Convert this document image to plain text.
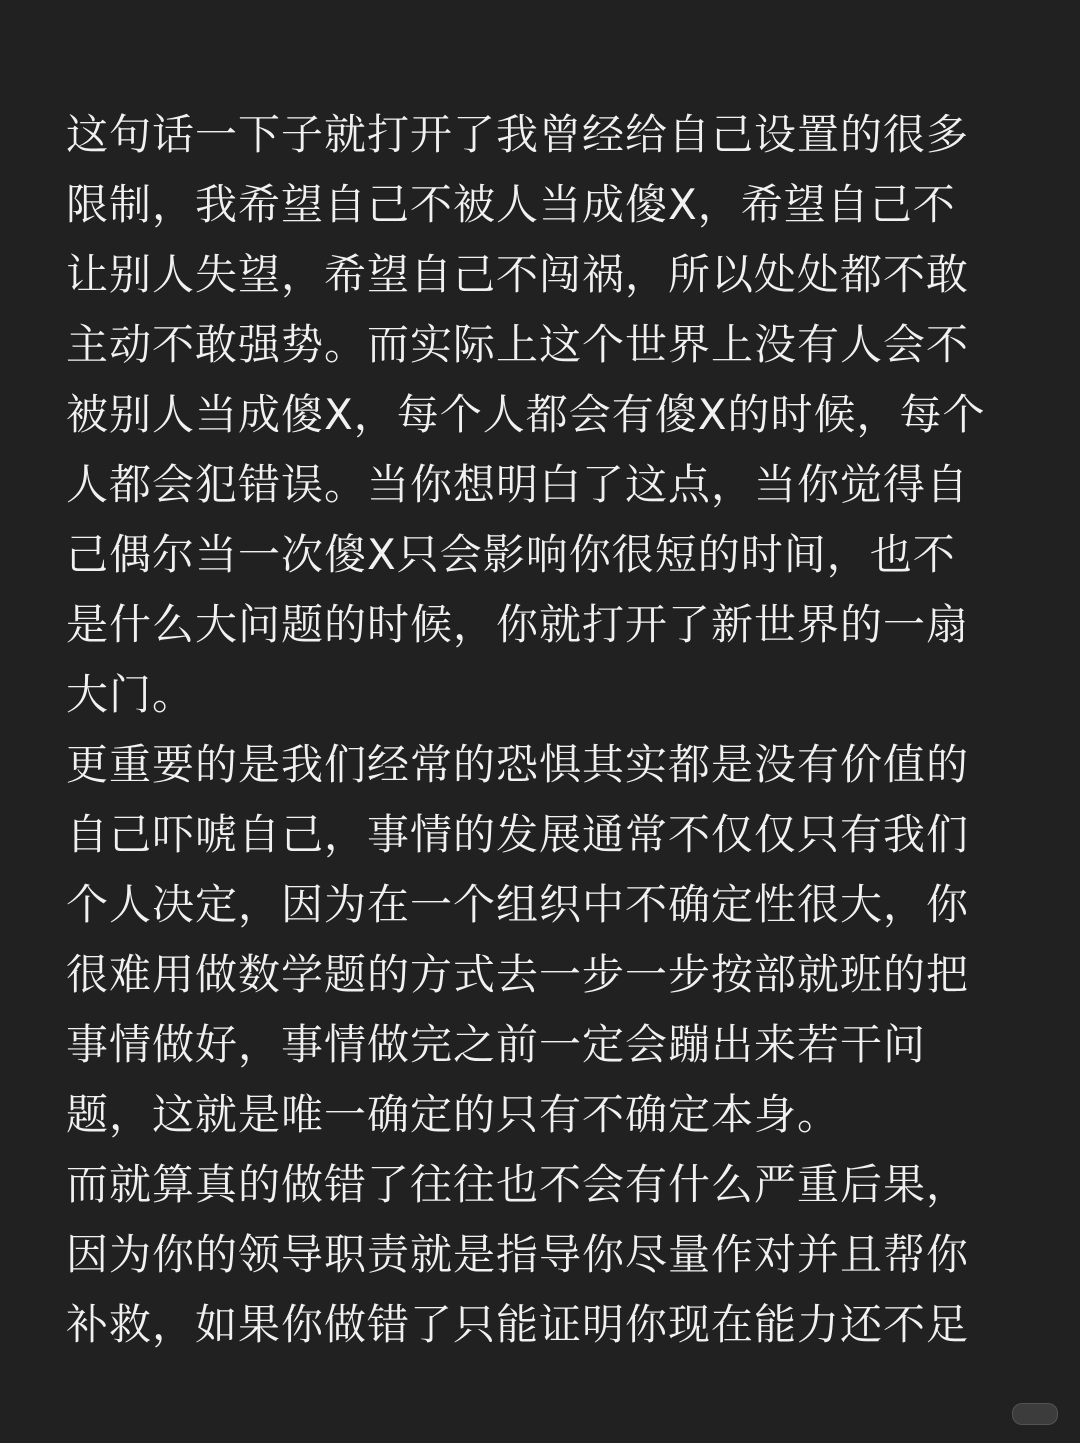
这句话一下子就打开了我曾经给自己设置的很多
限制，我希望自己不被人当成傻X，希望自己不
让别人失望，希望自己不闯祸，所以处处都不敢
主动不敢强势。而实际上这个世界上没有人会不
被别人当成傻X，每个人都会有傻X的时候，每个
人都会犯错误。当你想明白了这点，当你觉得自
己偶尔当一次傻X只会影响你很短的时间，也不
是什么大问题的时候，你就打开了新世界的一扇
大门。
更重要的是我们经常的恐惧其实都是没有价值的
自己吓唬自己，事情的发展通常不仅仅只有我们
个人决定，因为在一个组织中不确定性很大，你
很难用做数学题的方式去一步一步按部就班的把
事情做好，事情做完之前一定会蹦出来若干问
题，这就是唯一确定的只有不确定本身。
而就算真的做错了往往也不会有什么严重后果，
因为你的领导职责就是指导你尽量作对并且帮你
补救，如果你做错了只能证明你现在能力还不足
